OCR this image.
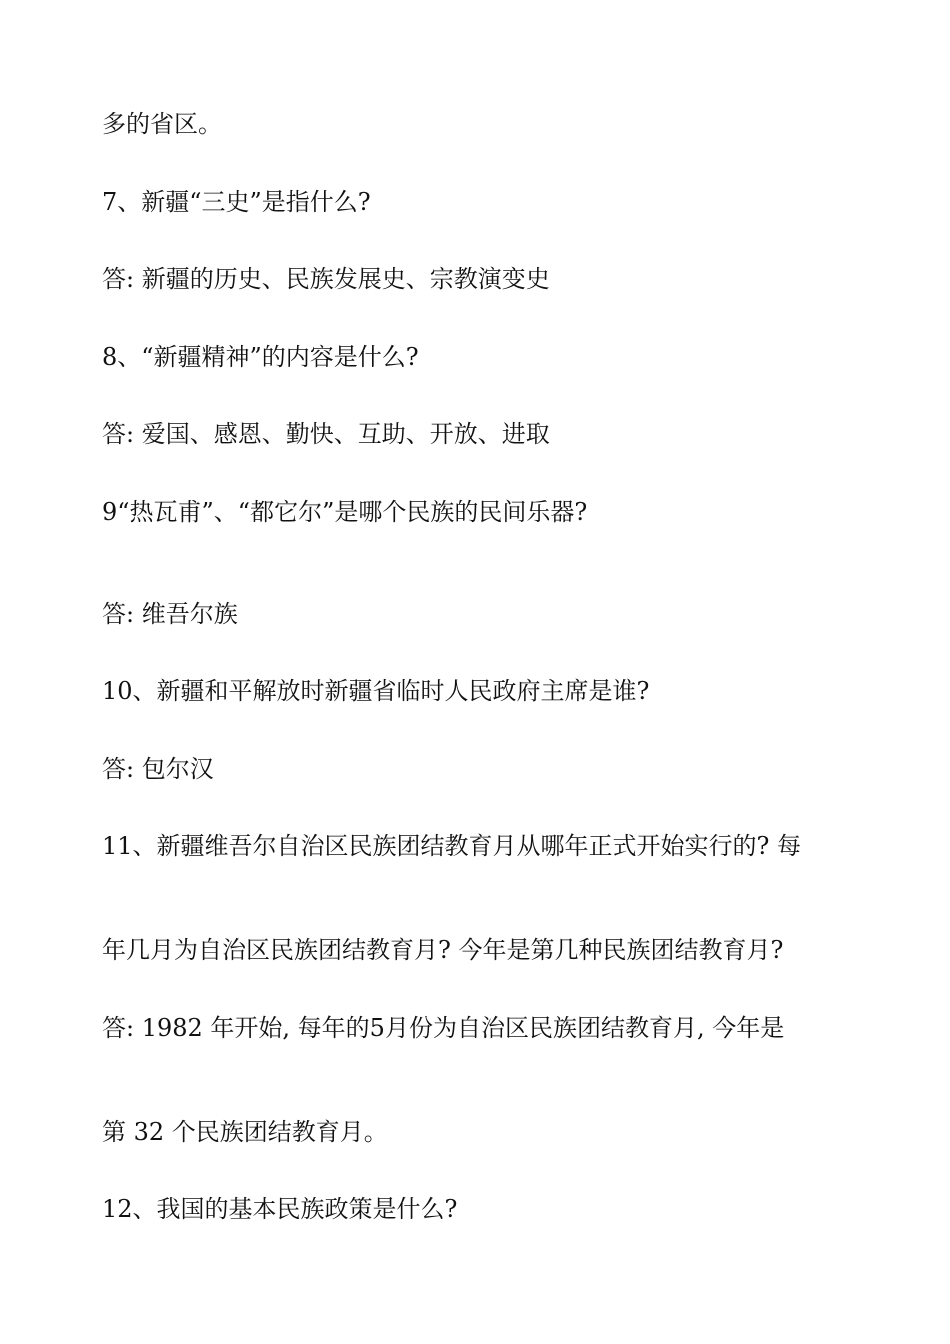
多的省区。

7、新疆“三史”是指什么?

答: 新疆的历史、民族发展史、宗教演变史

8、“新疆精神”的内容是什么?

答: 爱国、感恩、勤快、互助、开放、进取

9“热瓦甫”、“都它尔”是哪个民族的民间乐器?

答: 维吾尔族

10、新疆和平解放时新疆省临时人民政府主席是谁?

答: 包尔汉

11、新疆维吾尔自治区民族团结教育月从哪年正式开始实行的? 每

年几月为自治区民族团结教育月? 今年是第几种民族团结教育月?

答: 1982 年开始, 每年的5月份为自治区民族团结教育月, 今年是

第 32 个民族团结教育月。

12、我国的基本民族政策是什么?
